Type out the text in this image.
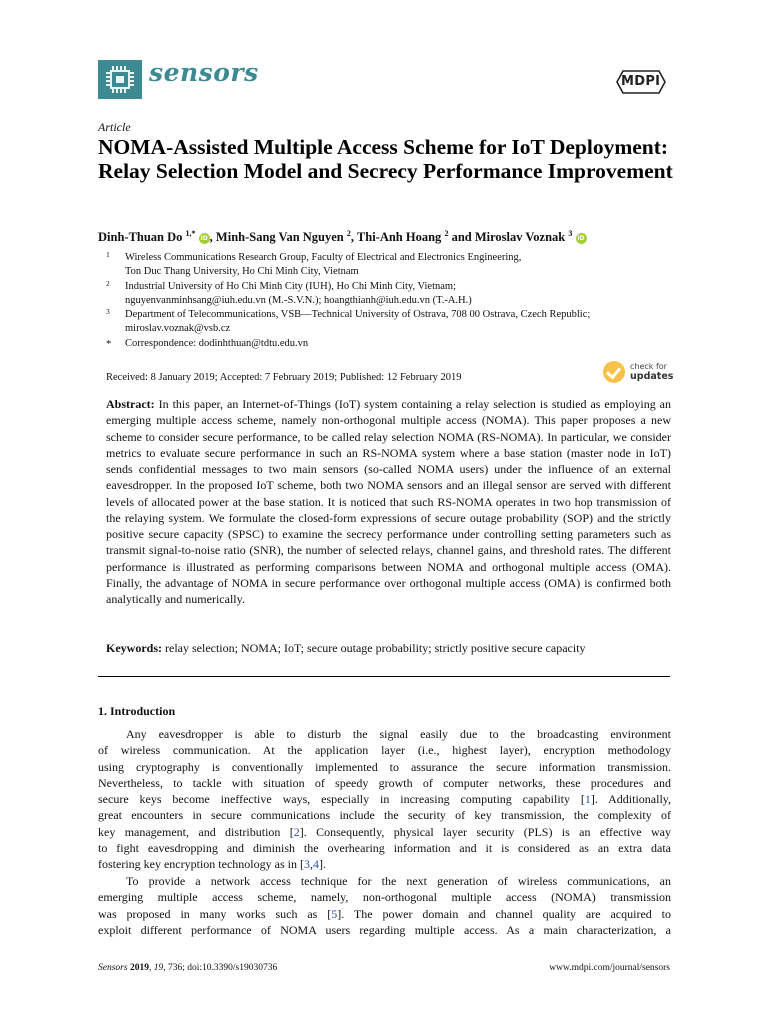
sensors	MDPI
Article
NOMA-Assisted Multiple Access Scheme for IoT Deployment: Relay Selection Model and Secrecy Performance Improvement
Dinh-Thuan Do $^{1,*}$ iD , Minh-Sang Van Nguyen $^2$, Thi-Anh Hoang $^2$ and Miroslav Voznak $^3$ iD
1 Wireless Communications Research Group, Faculty of Electrical and Electronics Engineering,
Ton Duc Thang University, Ho Chi Minh City, Vietnam
2 Industrial University of Ho Chi Minh City (IUH), Ho Chi Minh City, Vietnam;
nguyenvanminhsang@iuh.edu.vn (M.-S.V.N.); hoangthianh@iuh.edu.vn (T.-A.H.)
3 Department of Telecommunications, VSB—Technical University of Ostrava, 708 00 Ostrava, Czech Republic;
miroslav.voznak@vsb.cz
* Correspondence: dodinhthuan@tdtu.edu.vn
Received: 8 January 2019; Accepted: 7 February 2019; Published: 12 February 2019
check for
updates
Abstract: In this paper, an Internet-of-Things (IoT) system containing a relay selection is studied as employing an emerging multiple access scheme, namely non-orthogonal multiple access (NOMA). This paper proposes a new scheme to consider secure performance, to be called relay selection NOMA (RS-NOMA). In particular, we consider metrics to evaluate secure performance in such an RS-NOMA system where a base station (master node in IoT) sends confidential messages to two main sensors (so-called NOMA users) under the influence of an external eavesdropper. In the proposed IoT scheme, both two NOMA sensors and an illegal sensor are served with different levels of allocated power at the base station. It is noticed that such RS-NOMA operates in two hop transmission of the relaying system. We formulate the closed-form expressions of secure outage probability (SOP) and the strictly positive secure capacity (SPSC) to examine the secrecy performance under controlling setting parameters such as transmit signal-to-noise ratio (SNR), the number of selected relays, channel gains, and threshold rates. The different performance is illustrated as performing comparisons between NOMA and orthogonal multiple access (OMA). Finally, the advantage of NOMA in secure performance over orthogonal multiple access (OMA) is confirmed both analytically and numerically.
Keywords: relay selection; NOMA; IoT; secure outage probability; strictly positive secure capacity
1. Introduction
Any eavesdropper is able to disturb the signal easily due to the broadcasting environment
of wireless communication. At the application layer (i.e., highest layer), encryption methodology
using cryptography is conventionally implemented to assurance the secure information transmission.
Nevertheless, to tackle with situation of speedy growth of computer networks, these procedures and
secure keys become ineffective ways, especially in increasing computing capability [1]. Additionally,
great encounters in secure communications include the security of key transmission, the complexity of
key management, and distribution [2]. Consequently, physical layer security (PLS) is an effective way
to fight eavesdropping and diminish the overhearing information and it is considered as an extra data
fostering key encryption technology as in [3,4].
To provide a network access technique for the next generation of wireless communications, an
emerging multiple access scheme, namely, non-orthogonal multiple access (NOMA) transmission
was proposed in many works such as [5]. The power domain and channel quality are acquired to
exploit different performance of NOMA users regarding multiple access. As a main characterization, a
Sensors 2019, 19, 736; doi:10.3390/s19030736	www.mdpi.com/journal/sensors
